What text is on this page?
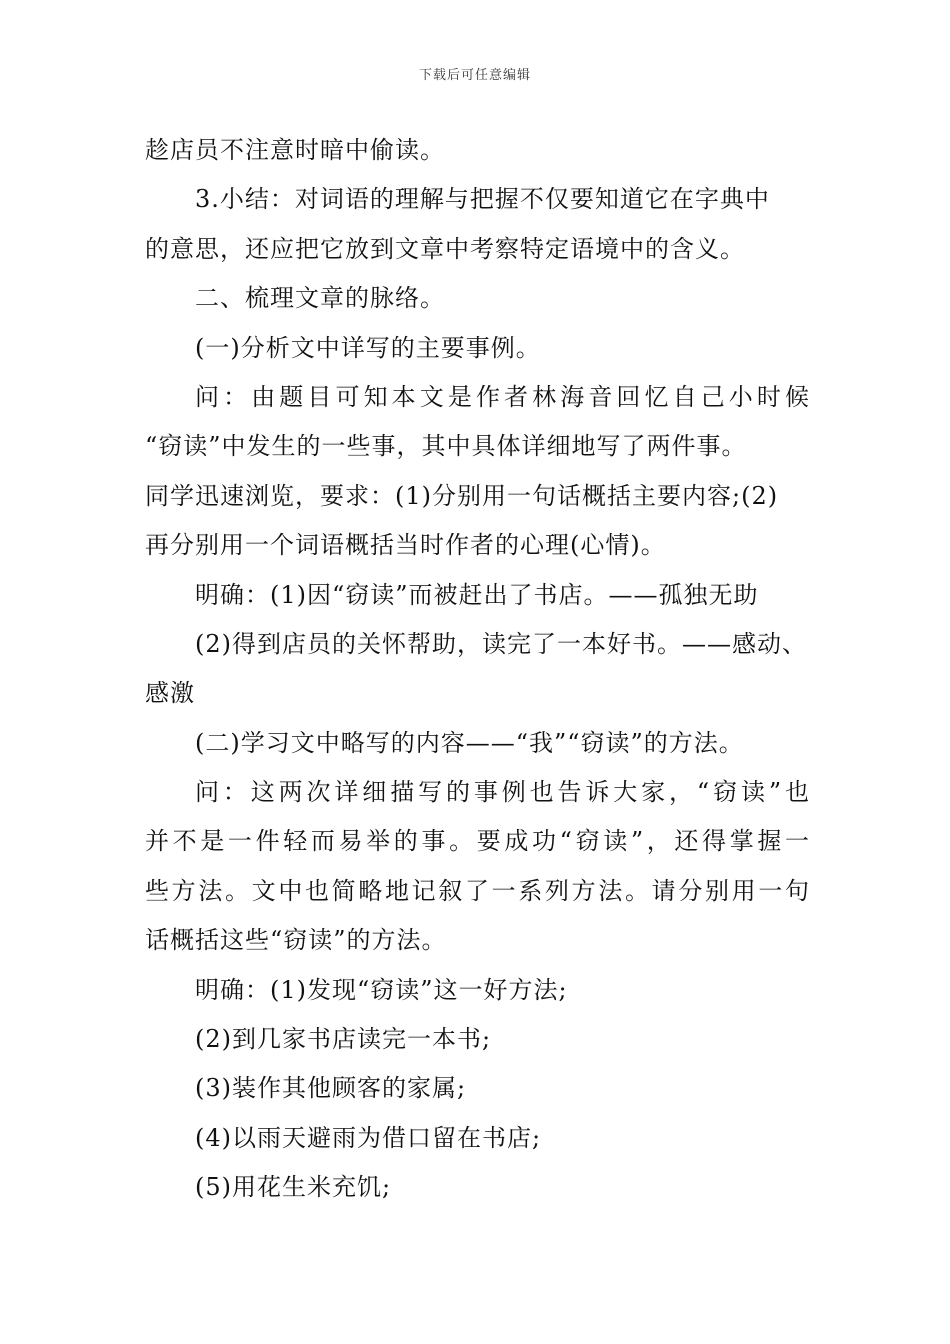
下载后可任意编辑
趁店员不注意时暗中偷读。
3.小结：对词语的理解与把握不仅要知道它在字典中
的意思，还应把它放到文章中考察特定语境中的含义。
二、梳理文章的脉络。
(一)分析文中详写的主要事例。
问：由题目可知本文是作者林海音回忆自己小时候
“窃读”中发生的一些事，其中具体详细地写了两件事。
同学迅速浏览，要求：(1)分别用一句话概括主要内容;(2)
再分别用一个词语概括当时作者的心理(心情)。
明确：(1)因“窃读”而被赶出了书店。——孤独无助
(2)得到店员的关怀帮助，读完了一本好书。——感动、
感激
(二)学习文中略写的内容——“我”“窃读”的方法。
问：这两次详细描写的事例也告诉大家，“窃读”也
并不是一件轻而易举的事。要成功“窃读”，还得掌握一
些方法。文中也简略地记叙了一系列方法。请分别用一句
话概括这些“窃读”的方法。
明确：(1)发现“窃读”这一好方法;
(2)到几家书店读完一本书;
(3)装作其他顾客的家属;
(4)以雨天避雨为借口留在书店;
(5)用花生米充饥;
